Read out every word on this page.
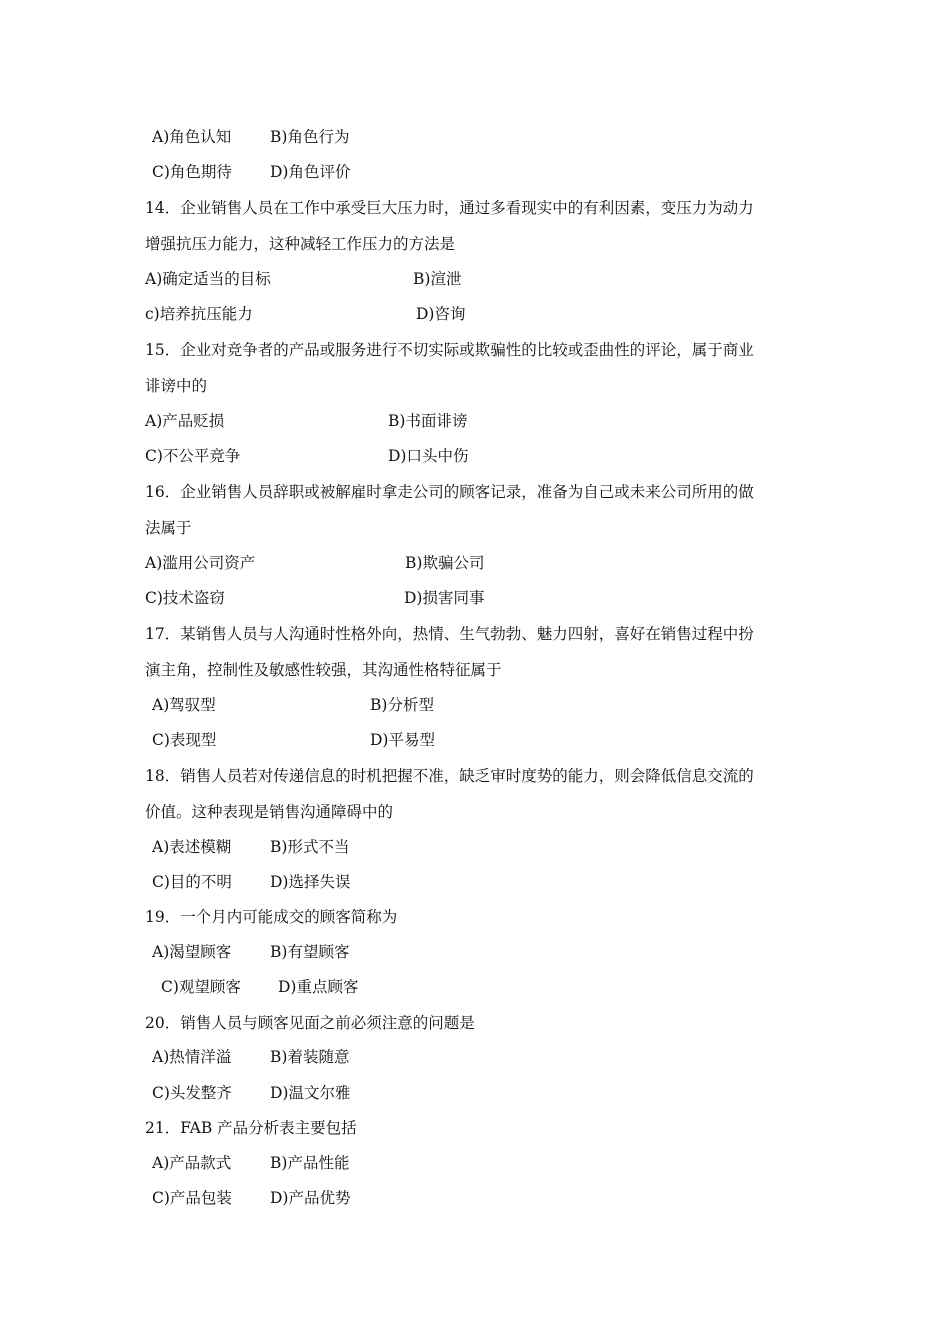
A)角色认知	B)角色行为
C)角色期待 D)角色评价
14．企业销售人员在工作中承受巨大压力时，通过多看现实中的有利因素，变压力为动力
增强抗压力能力，这种减轻工作压力的方法是
A)确定适当的目标	B)渲泄
c)培养抗压能力	D)咨询
15．企业对竞争者的产品或服务进行不切实际或欺骗性的比较或歪曲性的评论，属于商业
诽谤中的
A)产品贬损	B)书面诽谤
C)不公平竞争	D)口头中伤
16．企业销售人员辞职或被解雇时拿走公司的顾客记录，准备为自己或未来公司所用的做
法属于
A)滥用公司资产	B)欺骗公司
C)技术盗窃	D)损害同事
17．某销售人员与人沟通时性格外向，热情、生气勃勃、魅力四射，喜好在销售过程中扮
演主角，控制性及敏感性较强，其沟通性格特征属于
A)驾驭型	B)分析型
C)表现型	D)平易型
18．销售人员若对传递信息的时机把握不准，缺乏审时度势的能力，则会降低信息交流的
价值。这种表现是销售沟通障碍中的
A)表述模糊	B)形式不当
C)目的不明 D)选择失误
19．一个月内可能成交的顾客简称为
A)渴望顾客	B)有望顾客
C)观望顾客 D)重点顾客
20．销售人员与顾客见面之前必须注意的问题是
A)热情洋溢	B)着装随意
C)头发整齐 D)温文尔雅
21．FAB 产品分析表主要包括
A)产品款式	B)产品性能
C)产品包装 D)产品优势
